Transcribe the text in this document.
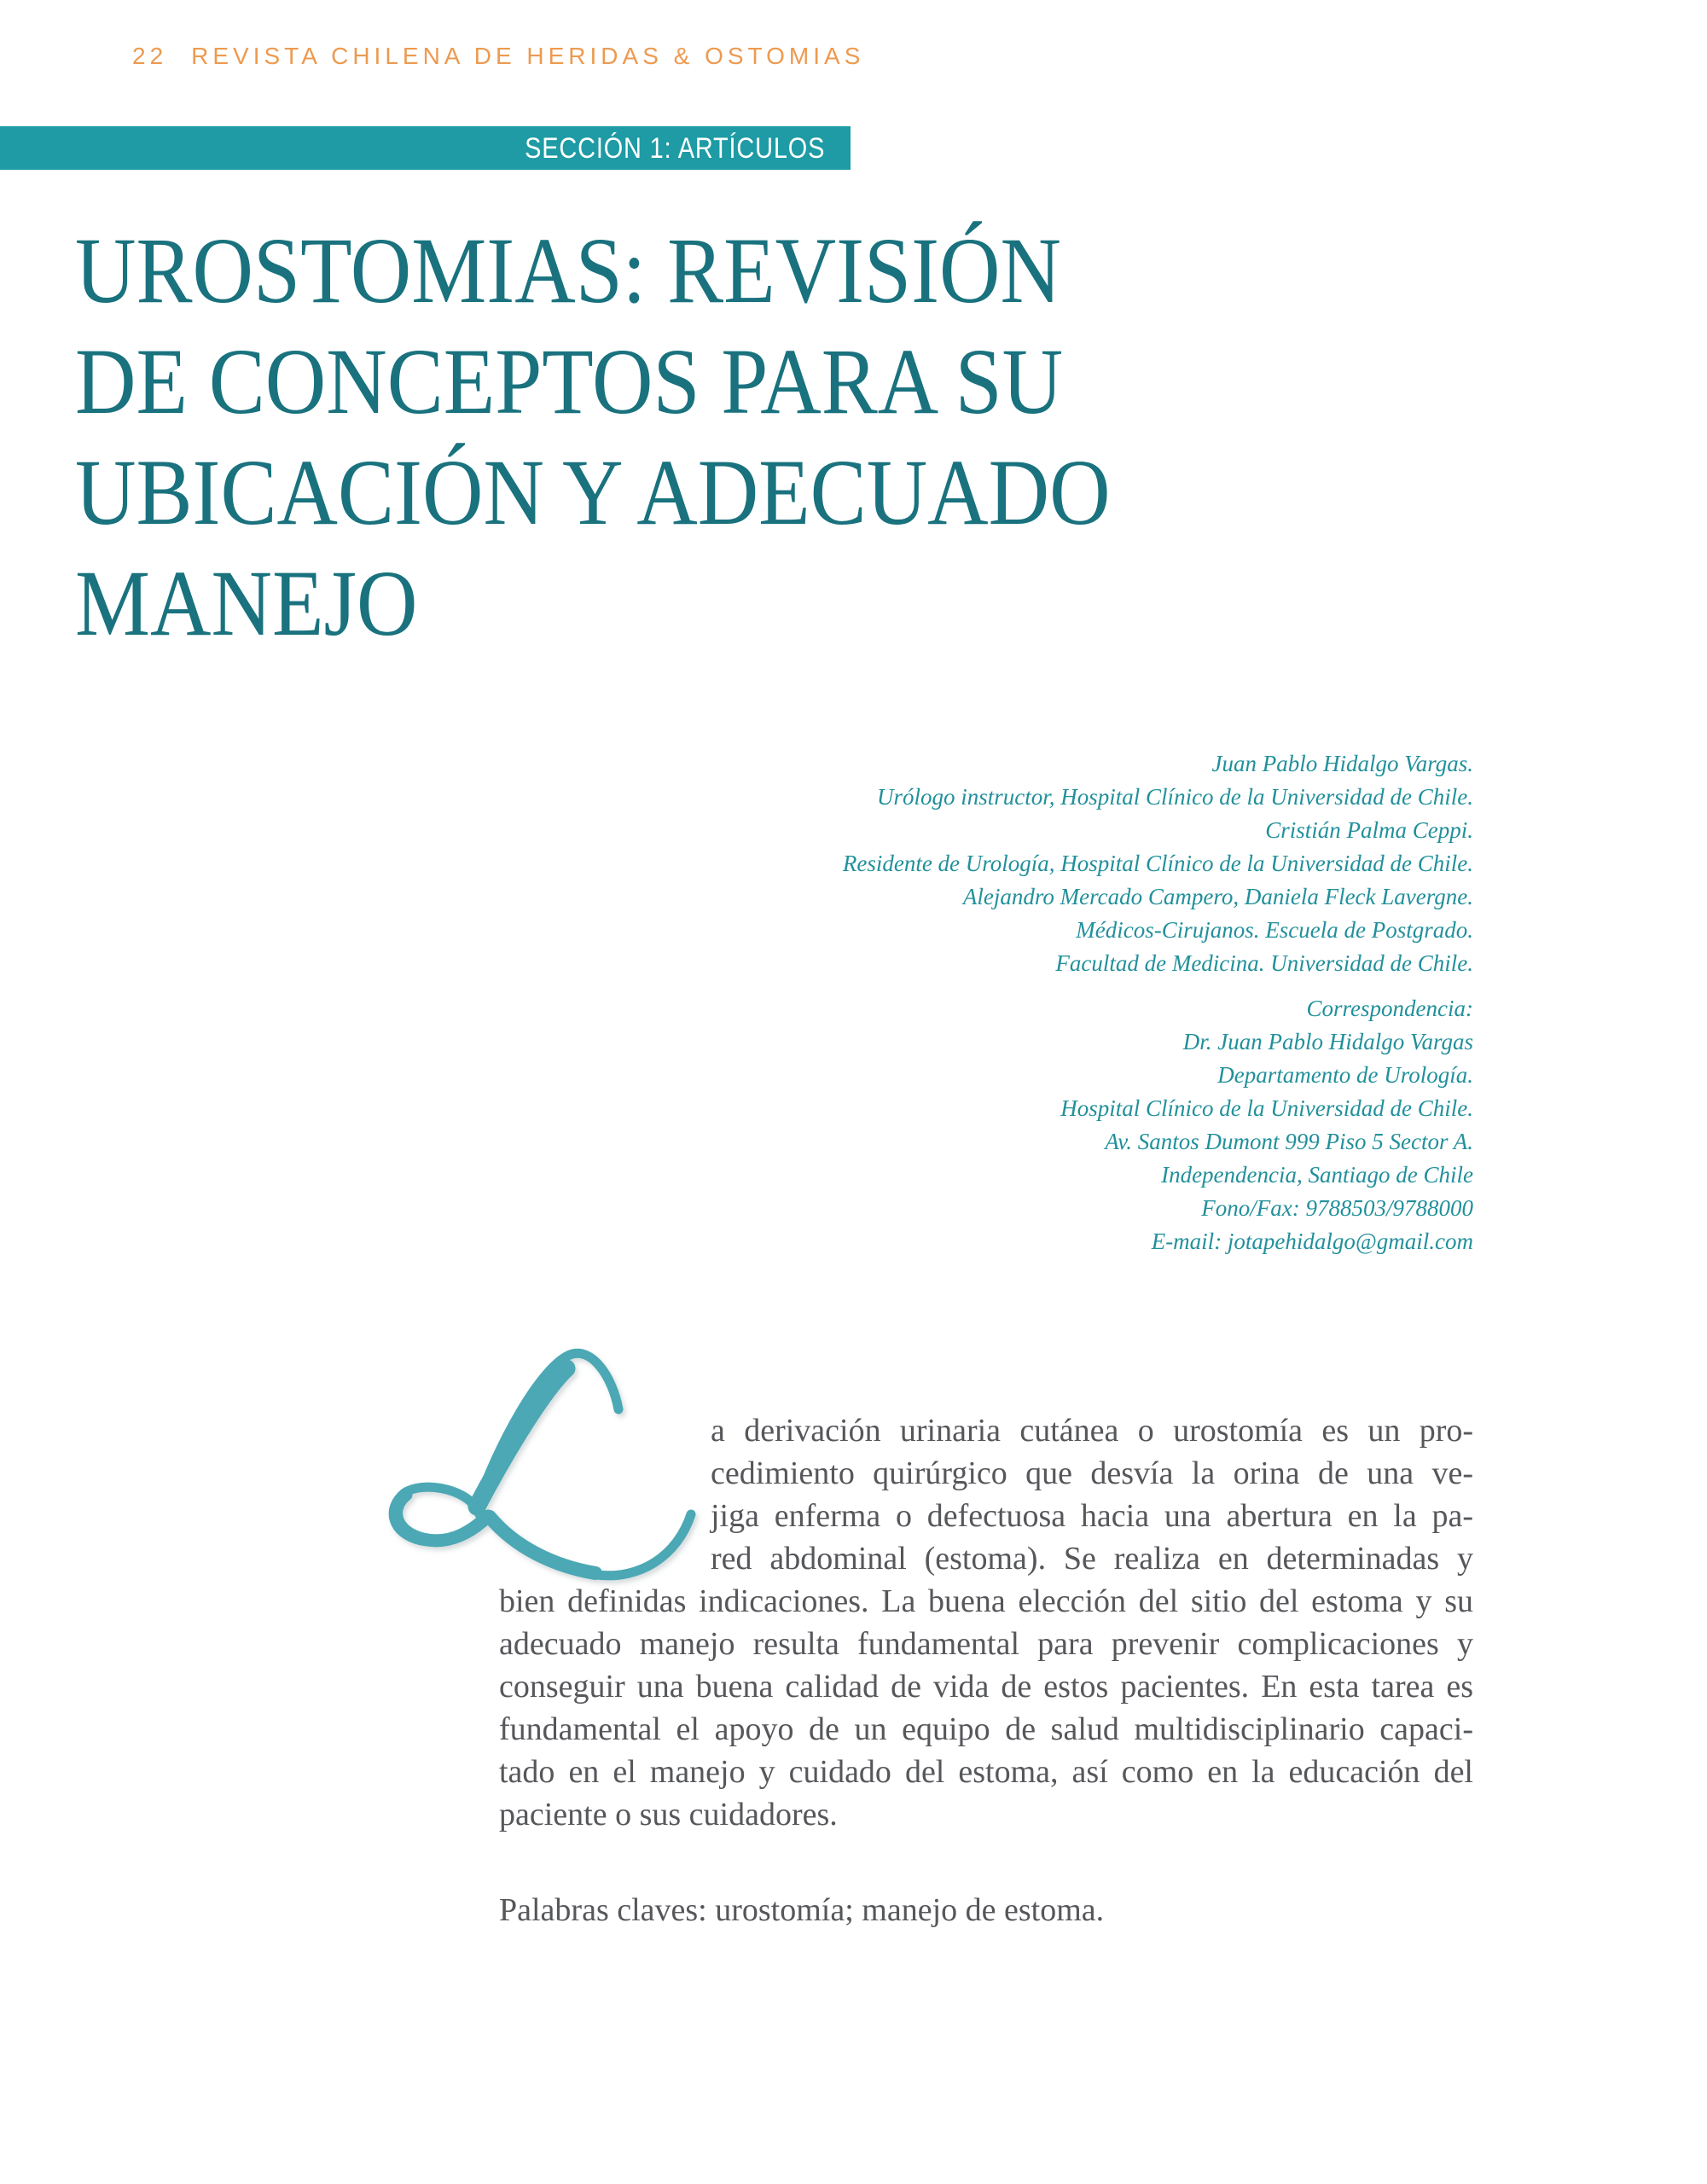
22 REVISTA CHILENA DE HERIDAS & OSTOMIAS
SECCIÓN 1: ARTÍCULOS
UROSTOMIAS: REVISIÓN
DE CONCEPTOS PARA SU
UBICACIÓN Y ADECUADO
MANEJO
Juan Pablo Hidalgo Vargas.
Urólogo instructor, Hospital Clínico de la Universidad de Chile.
Cristián Palma Ceppi.
Residente de Urología, Hospital Clínico de la Universidad de Chile.
Alejandro Mercado Campero, Daniela Fleck Lavergne.
Médicos-Cirujanos. Escuela de Postgrado.
Facultad de Medicina. Universidad de Chile.
Correspondencia:
Dr. Juan Pablo Hidalgo Vargas
Departamento de Urología.
Hospital Clínico de la Universidad de Chile.
Av. Santos Dumont 999 Piso 5 Sector A.
Independencia, Santiago de Chile
Fono/Fax: 9788503/9788000
E-mail: jotapehidalgo@gmail.com
a derivación urinaria cutánea o urostomía es un pro-
cedimiento quirúrgico que desvía la orina de una ve-
jiga enferma o defectuosa hacia una abertura en la pa-
red abdominal (estoma). Se realiza en determinadas y
bien definidas indicaciones. La buena elección del sitio del estoma y su
adecuado manejo resulta fundamental para prevenir complicaciones y
conseguir una buena calidad de vida de estos pacientes. En esta tarea es
fundamental el apoyo de un equipo de salud multidisciplinario capaci-
tado en el manejo y cuidado del estoma, así como en la educación del
paciente o sus cuidadores.
Palabras claves: urostomía; manejo de estoma.
